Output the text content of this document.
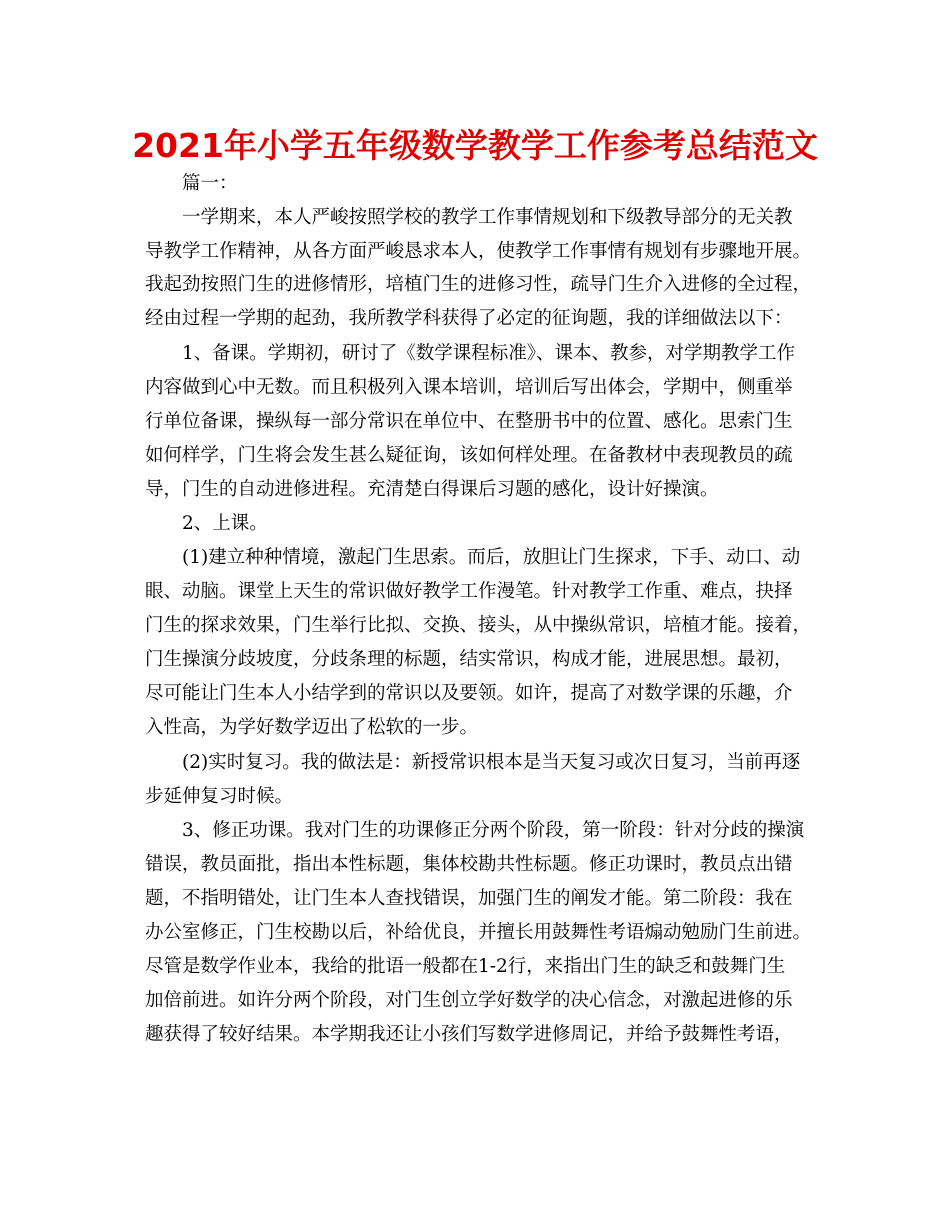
2021年小学五年级数学教学工作参考总结范文

篇一：

一学期来，本人严峻按照学校的教学工作事情规划和下级教导部分的无关教

导教学工作精神，从各方面严峻恳求本人，使教学工作事情有规划有步骤地开展。

我起劲按照门生的进修情形，培植门生的进修习性，疏导门生介入进修的全过程，

经由过程一学期的起劲，我所教学科获得了必定的征询题，我的详细做法以下：

1、备课。学期初，研讨了《数学课程标准》、课本、教参，对学期教学工作

内容做到心中无数。而且积极列入课本培训，培训后写出体会，学期中，侧重举

行单位备课，操纵每一部分常识在单位中、在整册书中的位置、感化。思索门生

如何样学，门生将会发生甚么疑征询，该如何样处理。在备教材中表现教员的疏

导，门生的自动进修进程。充清楚白得课后习题的感化，设计好操演。

2、上课。

(1)建立种种情境，激起门生思索。而后，放胆让门生探求，下手、动口、动

眼、动脑。课堂上天生的常识做好教学工作漫笔。针对教学工作重、难点，抉择

门生的探求效果，门生举行比拟、交换、接头，从中操纵常识，培植才能。接着，

门生操演分歧坡度，分歧条理的标题，结实常识，构成才能，进展思想。最初，

尽可能让门生本人小结学到的常识以及要领。如许，提高了对数学课的乐趣，介

入性高，为学好数学迈出了松软的一步。

(2)实时复习。我的做法是：新授常识根本是当天复习或次日复习，当前再逐

步延伸复习时候。

3、修正功课。我对门生的功课修正分两个阶段，第一阶段：针对分歧的操演

错误，教员面批，指出本性标题，集体校勘共性标题。修正功课时，教员点出错

题，不指明错处，让门生本人查找错误，加强门生的阐发才能。第二阶段：我在

办公室修正，门生校勘以后，补给优良，并擅长用鼓舞性考语煽动勉励门生前进。

尽管是数学作业本，我给的批语一般都在1-2行，来指出门生的缺乏和鼓舞门生

加倍前进。如许分两个阶段，对门生创立学好数学的决心信念，对激起进修的乐

趣获得了较好结果。本学期我还让小孩们写数学进修周记，并给予鼓舞性考语，
